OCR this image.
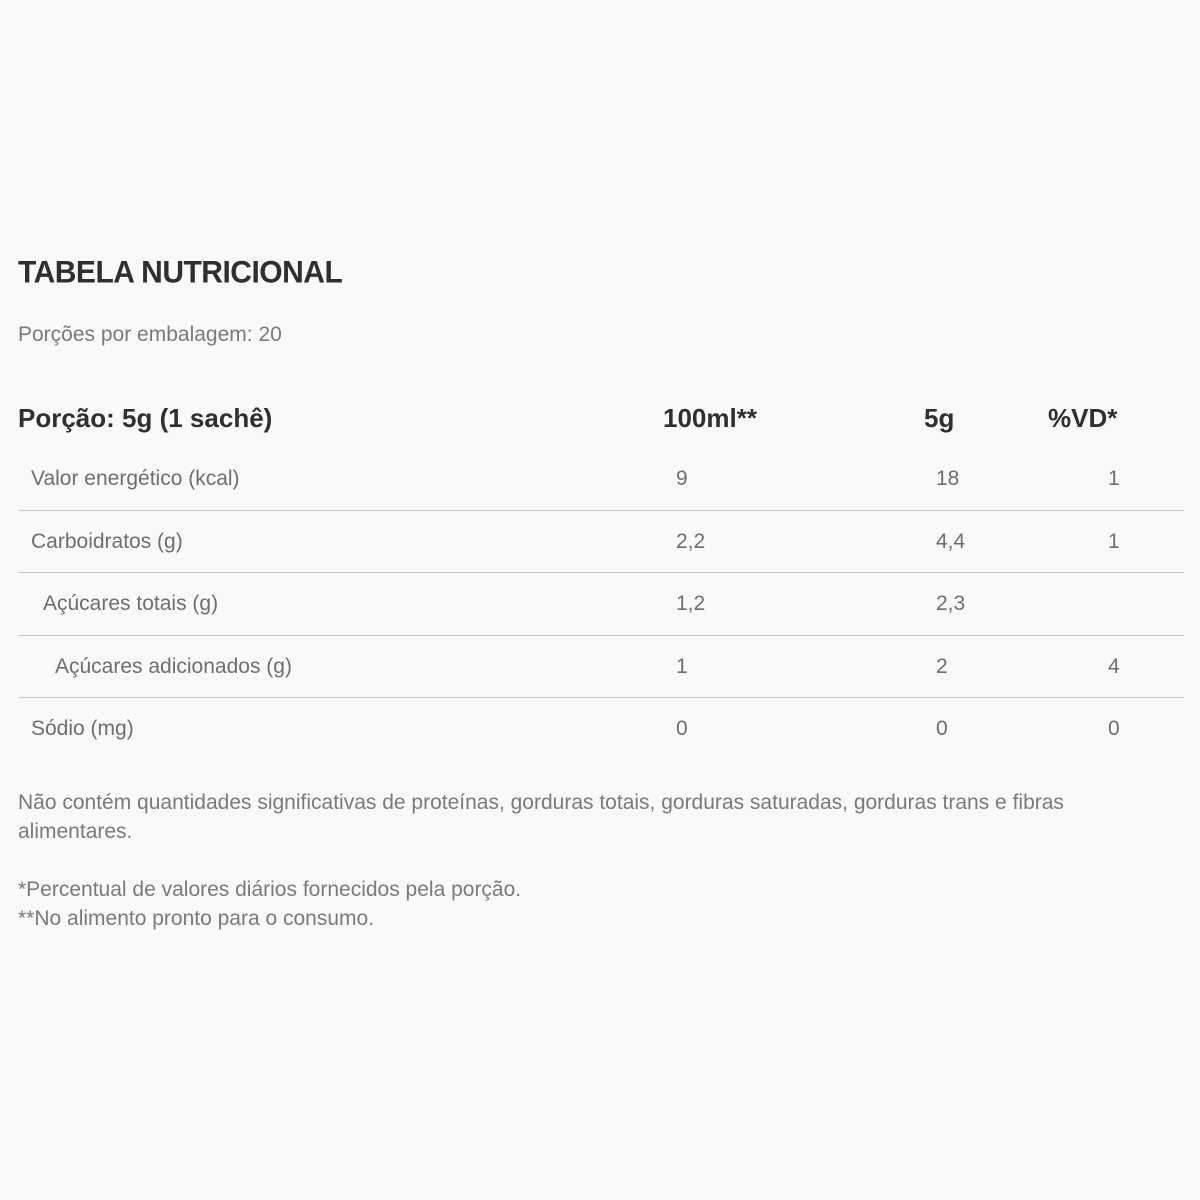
TABELA NUTRICIONAL
Porções por embalagem: 20
Porção: 5g (1 sachê)	100ml**	5g	%VD*
Valor energético (kcal)	9	18	1
Carboidratos (g)	2,2	4,4	1
Açúcares totais (g)	1,2	2,3
Açúcares adicionados (g)	1	2	4
Sódio (mg)	0	0	0
Não contém quantidades significativas de proteínas, gorduras totais, gorduras saturadas, gorduras trans e fibras alimentares.
*Percentual de valores diários fornecidos pela porção.
**No alimento pronto para o consumo.
